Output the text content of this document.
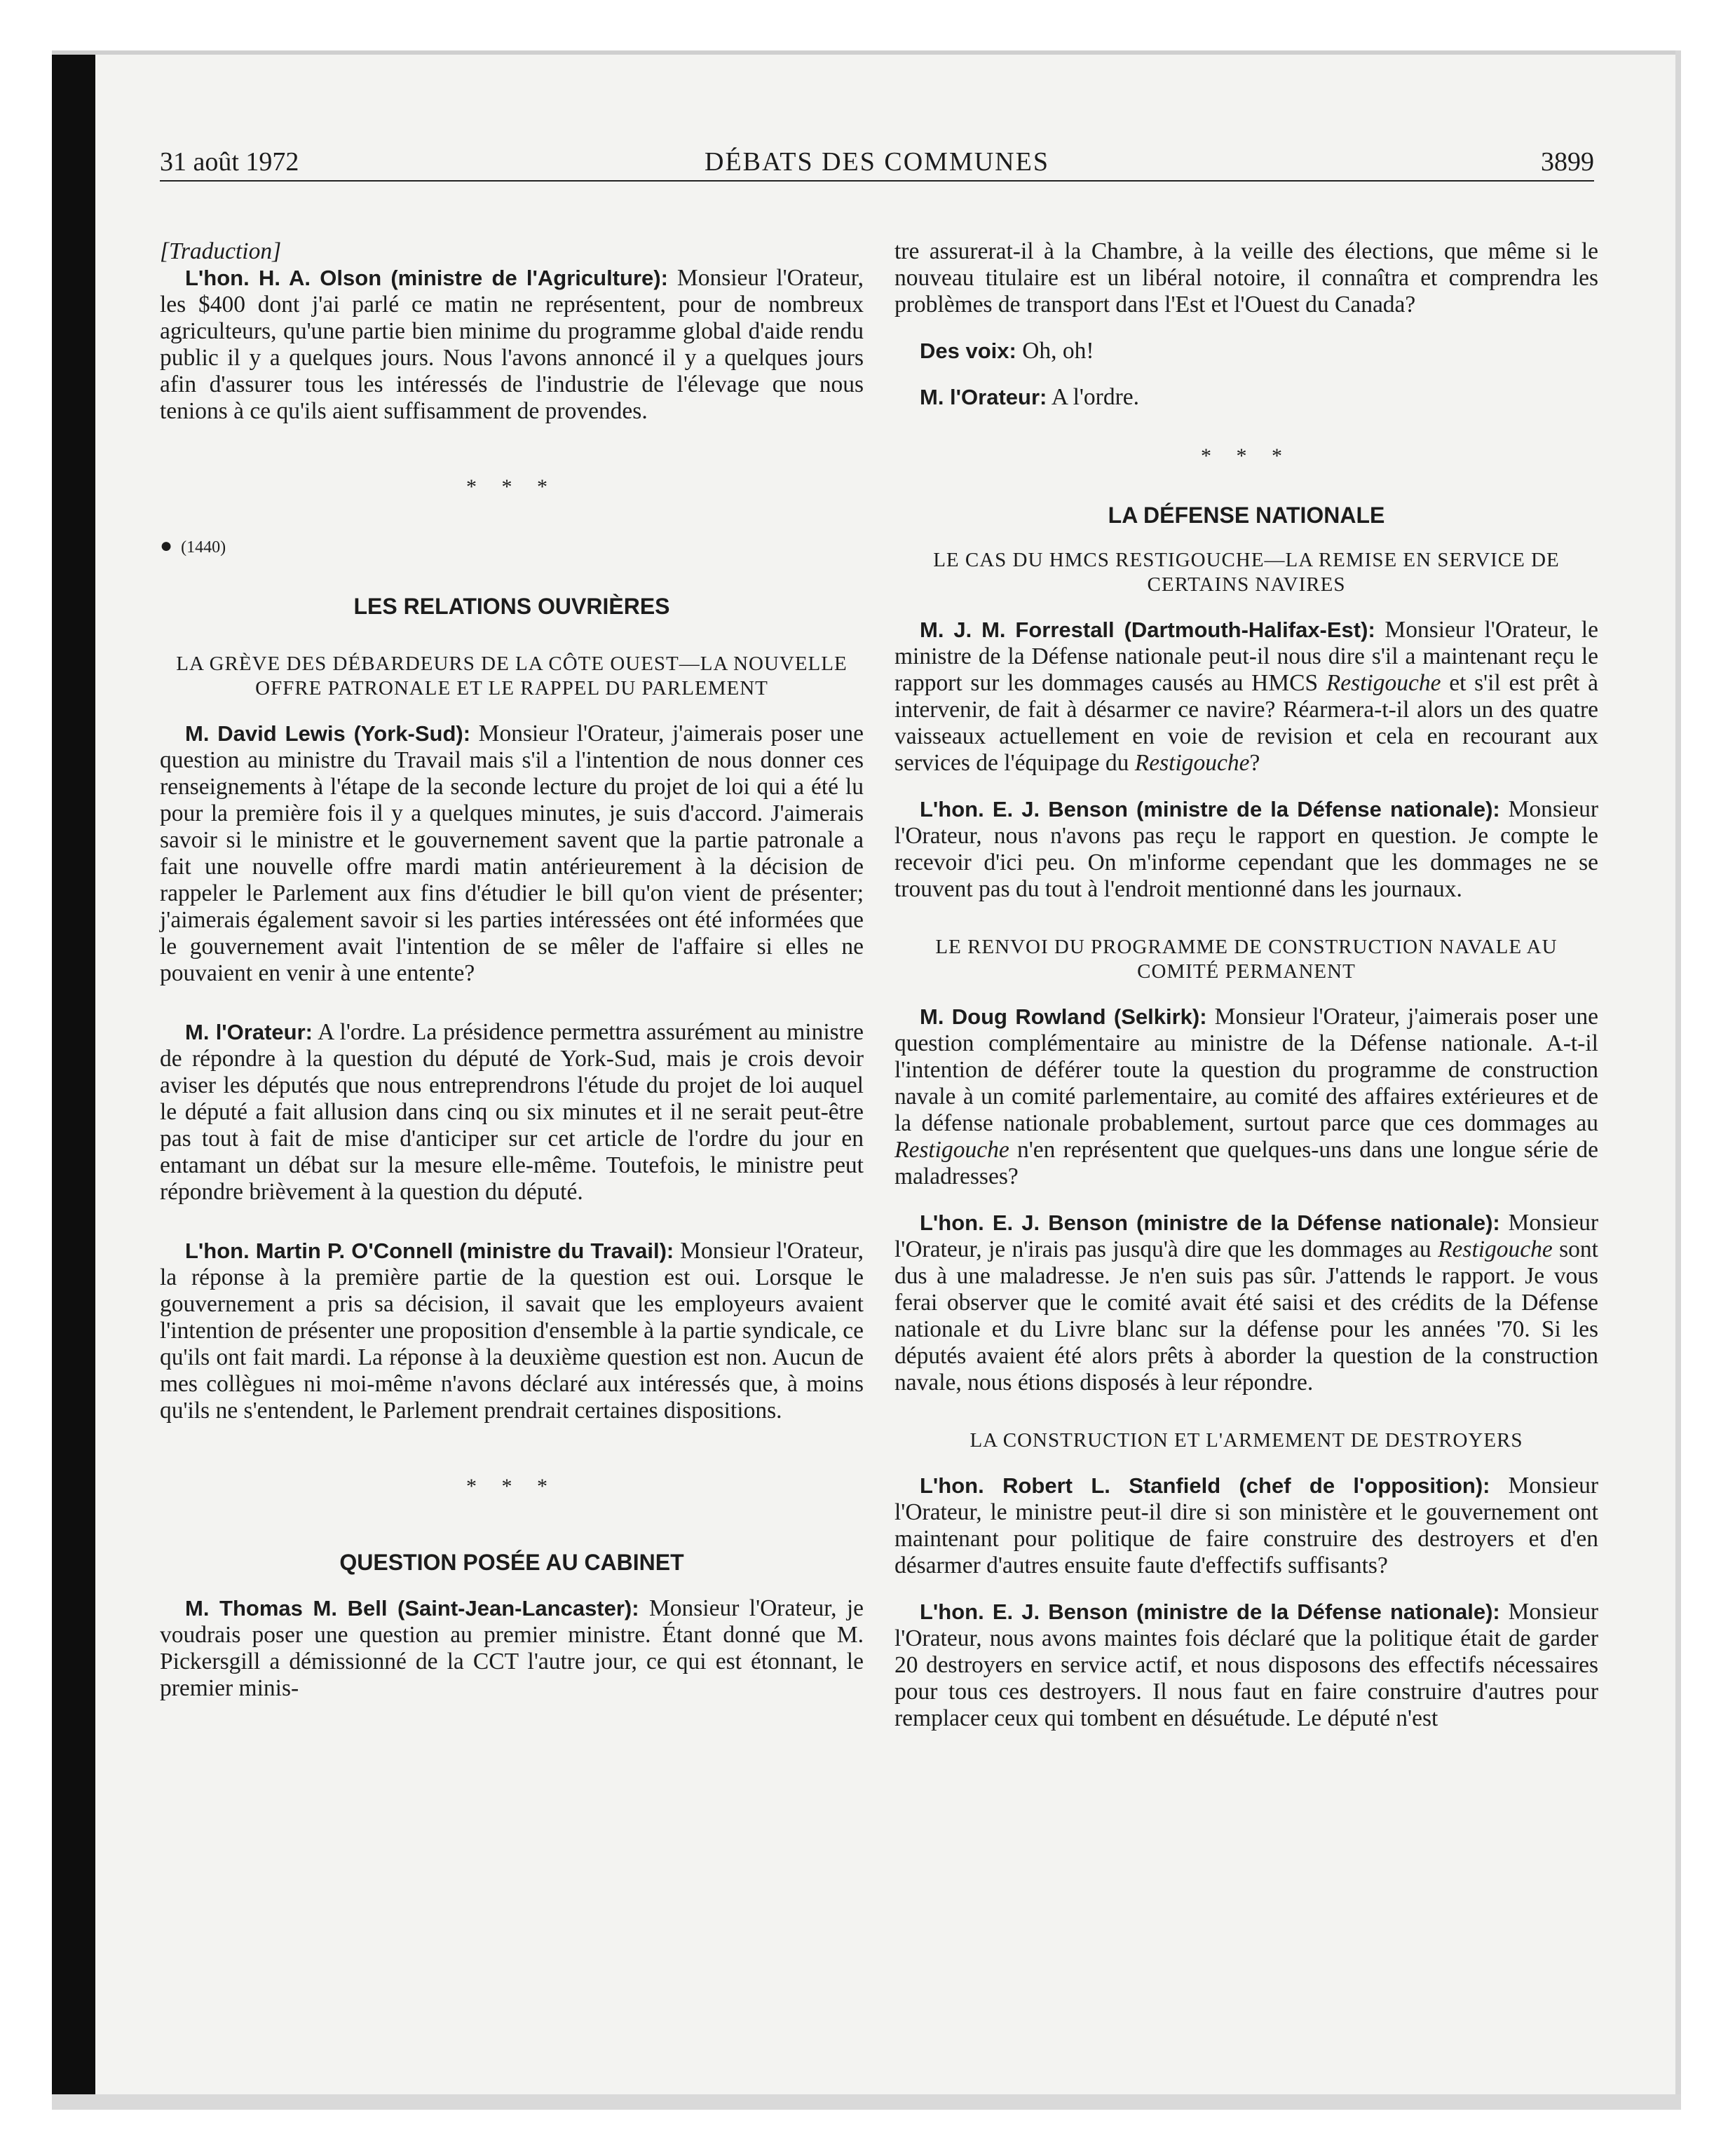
31 août 1972	DÉBATS DES COMMUNES	3899

[Traduction]

L'hon. H. A. Olson (ministre de l'Agriculture): Monsieur l'Orateur, les $400 dont j'ai parlé ce matin ne représentent, pour de nombreux agriculteurs, qu'une partie bien minime du programme global d'aide rendu public il y a quelques jours. Nous l'avons annoncé il y a quelques jours afin d'assurer tous les intéressés de l'industrie de l'élevage que nous tenions à ce qu'ils aient suffisamment de provendes.

* * *

● (1440)

LES RELATIONS OUVRIÈRES

LA GRÈVE DES DÉBARDEURS DE LA CÔTE OUEST—LA NOUVELLE OFFRE PATRONALE ET LE RAPPEL DU PARLEMENT

M. David Lewis (York-Sud): Monsieur l'Orateur, j'aimerais poser une question au ministre du Travail mais s'il a l'intention de nous donner ces renseignements à l'étape de la seconde lecture du projet de loi qui a été lu pour la première fois il y a quelques minutes, je suis d'accord. J'aimerais savoir si le ministre et le gouvernement savent que la partie patronale a fait une nouvelle offre mardi matin antérieurement à la décision de rappeler le Parlement aux fins d'étudier le bill qu'on vient de présenter; j'aimerais également savoir si les parties intéressées ont été informées que le gouvernement avait l'intention de se mêler de l'affaire si elles ne pouvaient en venir à une entente?

M. l'Orateur: A l'ordre. La présidence permettra assurément au ministre de répondre à la question du député de York-Sud, mais je crois devoir aviser les députés que nous entreprendrons l'étude du projet de loi auquel le député a fait allusion dans cinq ou six minutes et il ne serait peut-être pas tout à fait de mise d'anticiper sur cet article de l'ordre du jour en entamant un débat sur la mesure elle-même. Toutefois, le ministre peut répondre brièvement à la question du député.

L'hon. Martin P. O'Connell (ministre du Travail): Monsieur l'Orateur, la réponse à la première partie de la question est oui. Lorsque le gouvernement a pris sa décision, il savait que les employeurs avaient l'intention de présenter une proposition d'ensemble à la partie syndicale, ce qu'ils ont fait mardi. La réponse à la deuxième question est non. Aucun de mes collègues ni moi-même n'avons déclaré aux intéressés que, à moins qu'ils ne s'entendent, le Parlement prendrait certaines dispositions.

* * *

QUESTION POSÉE AU CABINET

M. Thomas M. Bell (Saint-Jean-Lancaster): Monsieur l'Orateur, je voudrais poser une question au premier ministre. Étant donné que M. Pickersgill a démissionné de la CCT l'autre jour, ce qui est étonnant, le premier minis-

tre assurerat-il à la Chambre, à la veille des élections, que même si le nouveau titulaire est un libéral notoire, il connaîtra et comprendra les problèmes de transport dans l'Est et l'Ouest du Canada?

Des voix: Oh, oh!

M. l'Orateur: A l'ordre.

* * *

LA DÉFENSE NATIONALE

LE CAS DU HMCS RESTIGOUCHE—LA REMISE EN SERVICE DE CERTAINS NAVIRES

M. J. M. Forrestall (Dartmouth-Halifax-Est): Monsieur l'Orateur, le ministre de la Défense nationale peut-il nous dire s'il a maintenant reçu le rapport sur les dommages causés au HMCS Restigouche et s'il est prêt à intervenir, de fait à désarmer ce navire? Réarmera-t-il alors un des quatre vaisseaux actuellement en voie de revision et cela en recourant aux services de l'équipage du Restigouche?

L'hon. E. J. Benson (ministre de la Défense nationale): Monsieur l'Orateur, nous n'avons pas reçu le rapport en question. Je compte le recevoir d'ici peu. On m'informe cependant que les dommages ne se trouvent pas du tout à l'endroit mentionné dans les journaux.

LE RENVOI DU PROGRAMME DE CONSTRUCTION NAVALE AU COMITÉ PERMANENT

M. Doug Rowland (Selkirk): Monsieur l'Orateur, j'aimerais poser une question complémentaire au ministre de la Défense nationale. A-t-il l'intention de déférer toute la question du programme de construction navale à un comité parlementaire, au comité des affaires extérieures et de la défense nationale probablement, surtout parce que ces dommages au Restigouche n'en représentent que quelques-uns dans une longue série de maladresses?

L'hon. E. J. Benson (ministre de la Défense nationale): Monsieur l'Orateur, je n'irais pas jusqu'à dire que les dommages au Restigouche sont dus à une maladresse. Je n'en suis pas sûr. J'attends le rapport. Je vous ferai observer que le comité avait été saisi et des crédits de la Défense nationale et du Livre blanc sur la défense pour les années '70. Si les députés avaient été alors prêts à aborder la question de la construction navale, nous étions disposés à leur répondre.

LA CONSTRUCTION ET L'ARMEMENT DE DESTROYERS

L'hon. Robert L. Stanfield (chef de l'opposition): Monsieur l'Orateur, le ministre peut-il dire si son ministère et le gouvernement ont maintenant pour politique de faire construire des destroyers et d'en désarmer d'autres ensuite faute d'effectifs suffisants?

L'hon. E. J. Benson (ministre de la Défense nationale): Monsieur l'Orateur, nous avons maintes fois déclaré que la politique était de garder 20 destroyers en service actif, et nous disposons des effectifs nécessaires pour tous ces destroyers. Il nous faut en faire construire d'autres pour remplacer ceux qui tombent en désuétude. Le député n'est
